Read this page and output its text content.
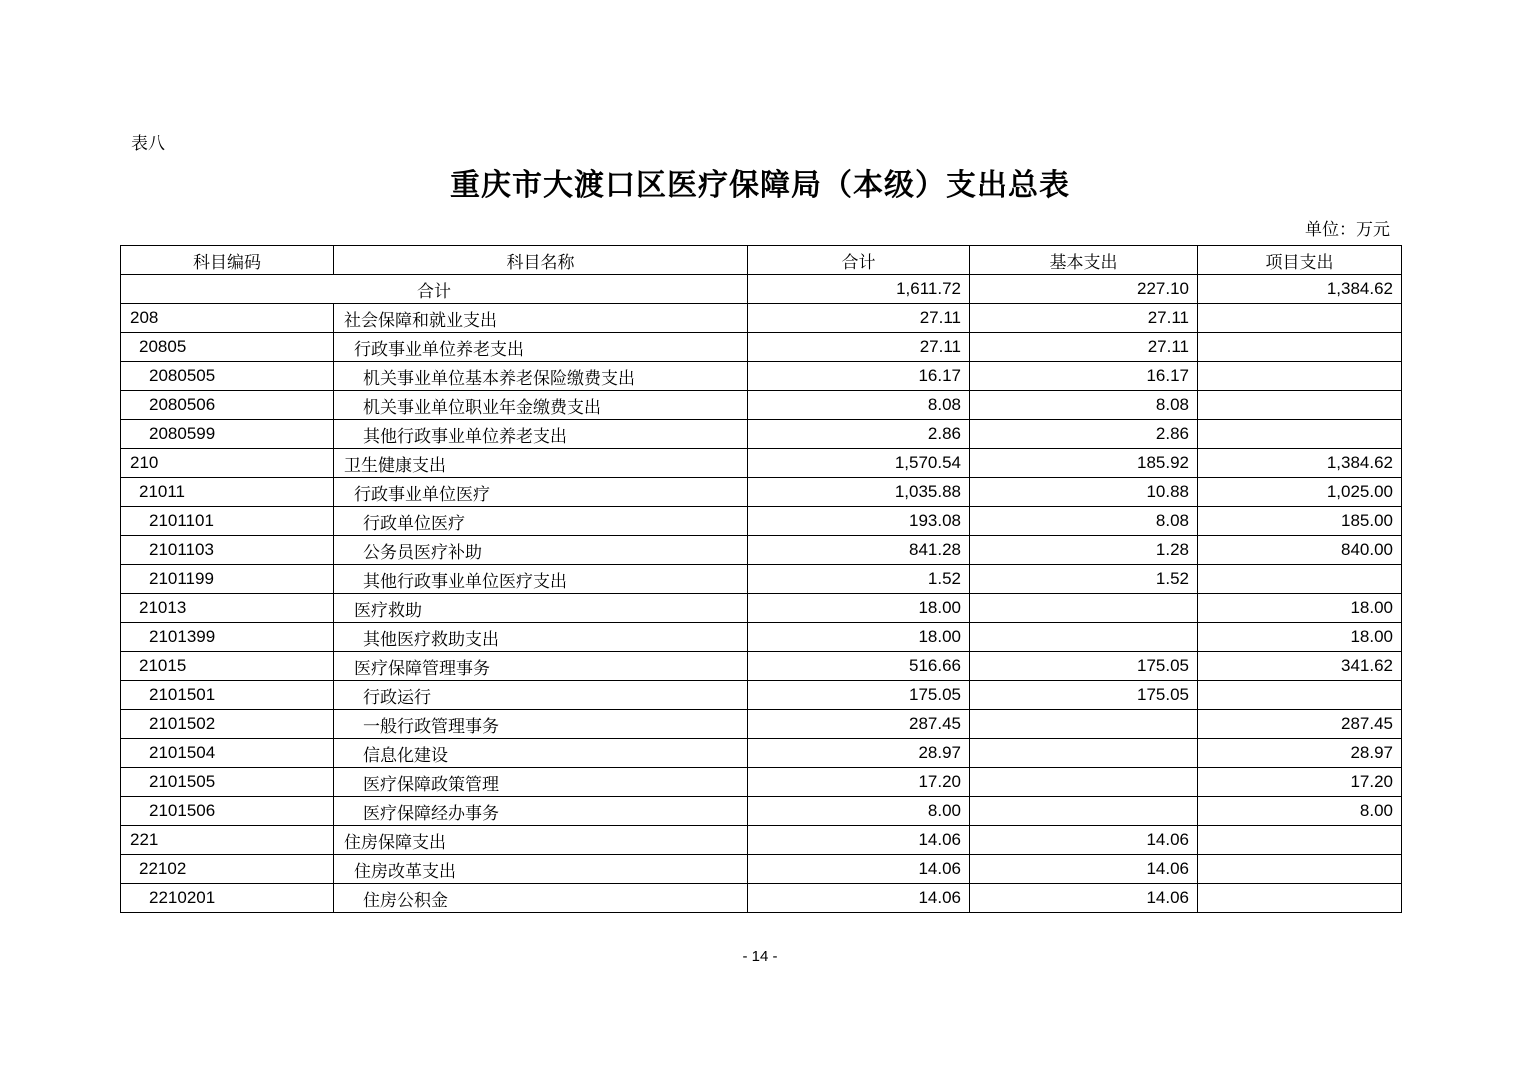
表八
重庆市大渡口区医疗保障局（本级）支出总表
单位：万元
科目编码	科目名称	合计	基本支出	项目支出
合计		1,611.72	227.10	1,384.62
208	社会保障和就业支出	27.11	27.11	
20805	行政事业单位养老支出	27.11	27.11	
2080505	机关事业单位基本养老保险缴费支出	16.17	16.17	
2080506	机关事业单位职业年金缴费支出	8.08	8.08	
2080599	其他行政事业单位养老支出	2.86	2.86	
210	卫生健康支出	1,570.54	185.92	1,384.62
21011	行政事业单位医疗	1,035.88	10.88	1,025.00
2101101	行政单位医疗	193.08	8.08	185.00
2101103	公务员医疗补助	841.28	1.28	840.00
2101199	其他行政事业单位医疗支出	1.52	1.52	
21013	医疗救助	18.00		18.00
2101399	其他医疗救助支出	18.00		18.00
21015	医疗保障管理事务	516.66	175.05	341.62
2101501	行政运行	175.05	175.05	
2101502	一般行政管理事务	287.45		287.45
2101504	信息化建设	28.97		28.97
2101505	医疗保障政策管理	17.20		17.20
2101506	医疗保障经办事务	8.00		8.00
221	住房保障支出	14.06	14.06	
22102	住房改革支出	14.06	14.06	
2210201	住房公积金	14.06	14.06	
- 14 -
